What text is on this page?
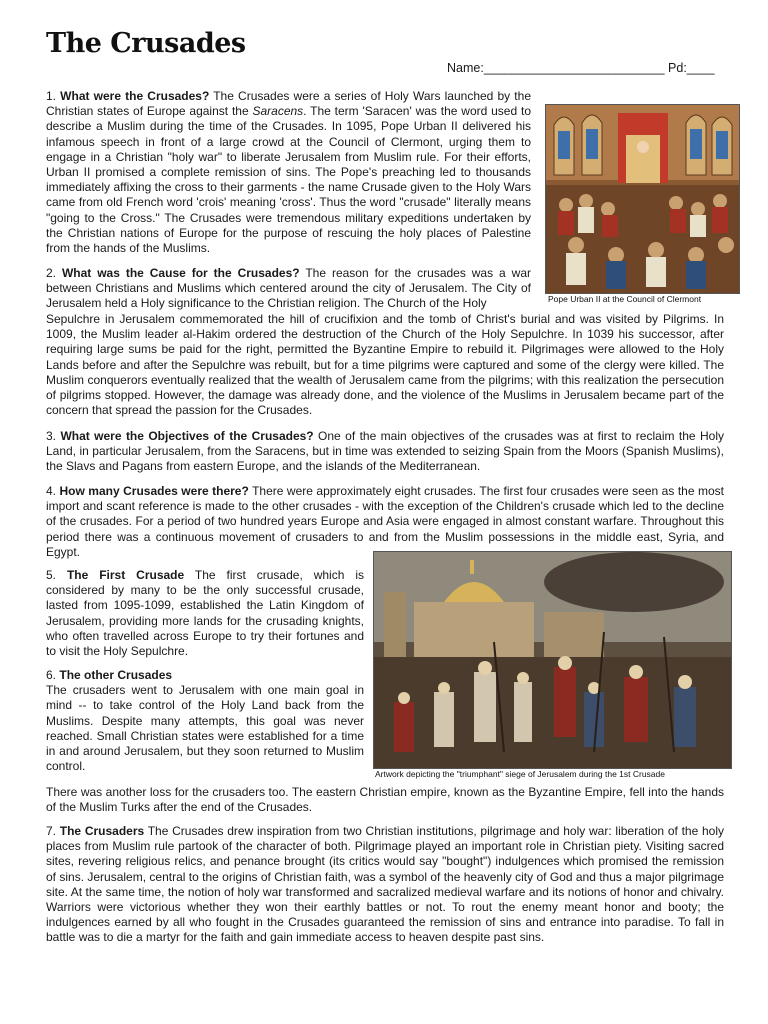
The Crusades
Name:__________________________ Pd:____

1. What were the Crusades? The Crusades were a series of Holy Wars launched by the Christian states of Europe against the Saracens. The term 'Saracen' was the word used to describe a Muslim during the time of the Crusades. In 1095, Pope Urban II delivered his infamous speech in front of a large crowd at the Council of Clermont, urging them to engage in a Christian "holy war" to liberate Jerusalem from Muslim rule. For their efforts, Urban II promised a complete remission of sins. The Pope's preaching led to thousands immediately affixing the cross to their garments - the name Crusade given to the Holy Wars came from old French word 'crois' meaning 'cross'. Thus the word "crusade" literally means "going to the Cross." The Crusades were tremendous military expeditions undertaken by the Christian nations of Europe for the purpose of rescuing the holy places of Palestine from the hands of the Muslims.

Pope Urban II at the Council of Clermont

2. What was the Cause for the Crusades? The reason for the crusades was a war between Christians and Muslims which centered around the city of Jerusalem. The City of Jerusalem held a Holy significance to the Christian religion. The Church of the Holy

Sepulchre in Jerusalem commemorated the hill of crucifixion and the tomb of Christ's burial and was visited by Pilgrims. In 1009, the Muslim leader al-Hakim ordered the destruction of the Church of the Holy Sepulchre. In 1039 his successor, after requiring large sums be paid for the right, permitted the Byzantine Empire to rebuild it. Pilgrimages were allowed to the Holy Lands before and after the Sepulchre was rebuilt, but for a time pilgrims were captured and some of the clergy were killed. The Muslim conquerors eventually realized that the wealth of Jerusalem came from the pilgrims; with this realization the persecution of pilgrims stopped. However, the damage was already done, and the violence of the Muslims in Jerusalem became part of the concern that spread the passion for the Crusades.

3. What were the Objectives of the Crusades? One of the main objectives of the crusades was at first to reclaim the Holy Land, in particular Jerusalem, from the Saracens, but in time was extended to seizing Spain from the Moors (Spanish Muslims), the Slavs and Pagans from eastern Europe, and the islands of the Mediterranean.

4. How many Crusades were there? There were approximately eight crusades. The first four crusades were seen as the most import and scant reference is made to the other crusades - with the exception of the Children's crusade which led to the decline of the crusades. For a period of two hundred years Europe and Asia were engaged in almost constant warfare. Throughout this period there was a continuous movement of crusaders to and from the Muslim possessions in the middle east, Syria, and Egypt.

Artwork depicting the "triumphant" siege of Jerusalem during the 1st Crusade

5. The First Crusade The first crusade, which is considered by many to be the only successful crusade, lasted from 1095-1099, established the Latin Kingdom of Jerusalem, providing more lands for the crusading knights, who often travelled across Europe to try their fortunes and to visit the Holy Sepulchre.

6. The other Crusades
The crusaders went to Jerusalem with one main goal in mind -- to take control of the Holy Land back from the Muslims. Despite many attempts, this goal was never reached. Small Christian states were established for a time in and around Jerusalem, but they soon returned to Muslim control.

There was another loss for the crusaders too. The eastern Christian empire, known as the Byzantine Empire, fell into the hands of the Muslim Turks after the end of the Crusades.

7. The Crusaders The Crusades drew inspiration from two Christian institutions, pilgrimage and holy war: liberation of the holy places from Muslim rule partook of the character of both. Pilgrimage played an important role in Christian piety. Visiting sacred sites, revering religious relics, and penance brought (its critics would say "bought") indulgences which promised the remission of sins. Jerusalem, central to the origins of Christian faith, was a symbol of the heavenly city of God and thus a major pilgrimage site. At the same time, the notion of holy war transformed and sacralized medieval warfare and its notions of honor and chivalry. Warriors were victorious whether they won their earthly battles or not. To rout the enemy meant honor and booty; the indulgences earned by all who fought in the Crusades guaranteed the remission of sins and entrance into paradise. To fall in battle was to die a martyr for the faith and gain immediate access to heaven despite past sins.
